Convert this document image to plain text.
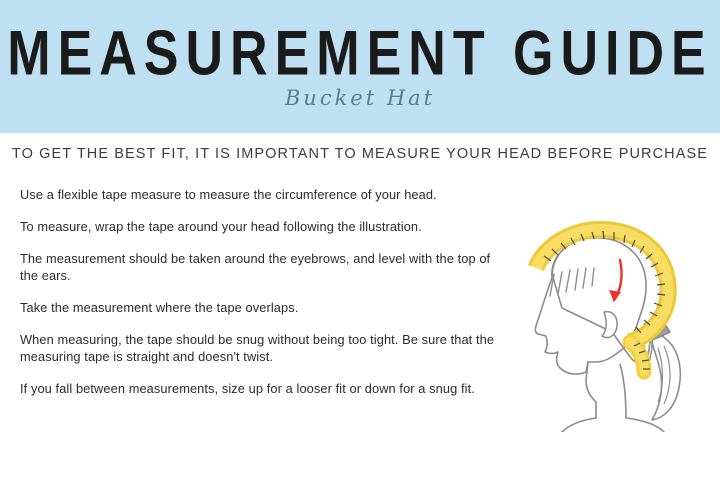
MEASUREMENT GUIDE
Bucket Hat
TO GET THE BEST FIT, IT IS IMPORTANT TO MEASURE YOUR HEAD BEFORE PURCHASE
Use a flexible tape measure to measure the circumference of your head.
To measure, wrap the tape around your head following the illustration.
The measurement should be taken around the eyebrows, and level with the top of the ears.
Take the measurement where the tape overlaps.
When measuring, the tape should be snug without being too tight. Be sure that the measuring tape is straight and doesn't twist.
If you fall between measurements, size up for a looser fit or down for a snug fit.
